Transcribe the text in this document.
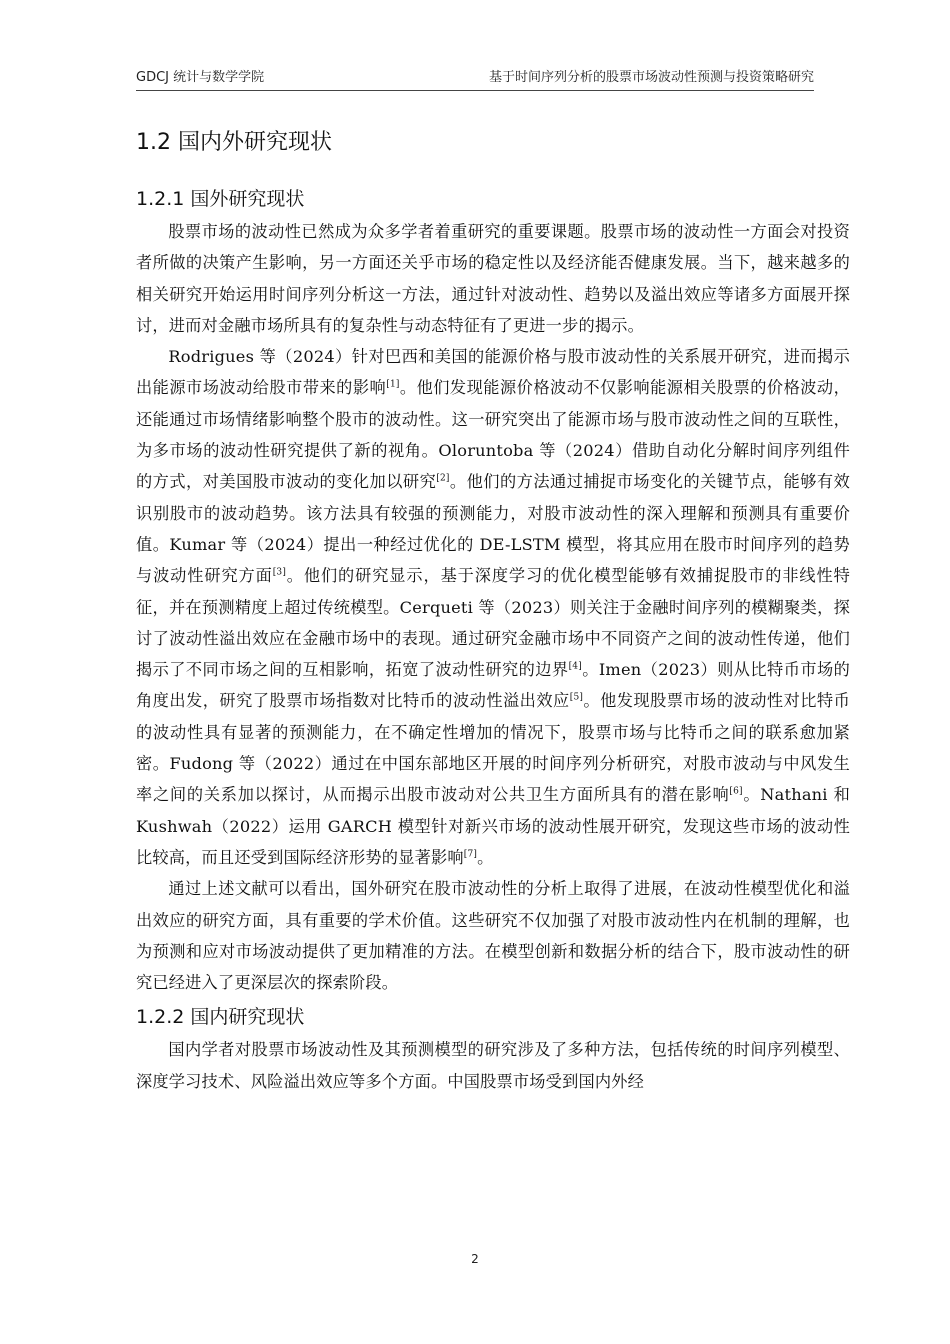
GDCJ 统计与数学学院	基于时间序列分析的股票市场波动性预测与投资策略研究
1.2 国内外研究现状
1.2.1 国外研究现状

股票市场的波动性已然成为众多学者着重研究的重要课题。股票市场的波动性一方面会对投资者所做的决策产生影响，另一方面还关乎市场的稳定性以及经济能否健康发展。当下，越来越多的相关研究开始运用时间序列分析这一方法，通过针对波动性、趋势以及溢出效应等诸多方面展开探讨，进而对金融市场所具有的复杂性与动态特征有了更进一步的揭示。

Rodrigues 等（2024）针对巴西和美国的能源价格与股市波动性的关系展开研究，进而揭示出能源市场波动给股市带来的影响[1]。他们发现能源价格波动不仅影响能源相关股票的价格波动，还能通过市场情绪影响整个股市的波动性。这一研究突出了能源市场与股市波动性之间的互联性，为多市场的波动性研究提供了新的视角。Oloruntoba 等（2024）借助自动化分解时间序列组件的方式，对美国股市波动的变化加以研究[2]。他们的方法通过捕捉市场变化的关键节点，能够有效识别股市的波动趋势。该方法具有较强的预测能力，对股市波动性的深入理解和预测具有重要价值。Kumar 等（2024）提出一种经过优化的 DE-LSTM 模型，将其应用在股市时间序列的趋势与波动性研究方面[3]。他们的研究显示，基于深度学习的优化模型能够有效捕捉股市的非线性特征，并在预测精度上超过传统模型。Cerqueti 等（2023）则关注于金融时间序列的模糊聚类，探讨了波动性溢出效应在金融市场中的表现。通过研究金融市场中不同资产之间的波动性传递，他们揭示了不同市场之间的互相影响，拓宽了波动性研究的边界[4]。Imen（2023）则从比特币市场的角度出发，研究了股票市场指数对比特币的波动性溢出效应[5]。他发现股票市场的波动性对比特币的波动性具有显著的预测能力，在不确定性增加的情况下，股票市场与比特币之间的联系愈加紧密。Fudong 等（2022）通过在中国东部地区开展的时间序列分析研究，对股市波动与中风发生率之间的关系加以探讨，从而揭示出股市波动对公共卫生方面所具有的潜在影响[6]。Nathani 和 Kushwah（2022）运用 GARCH 模型针对新兴市场的波动性展开研究，发现这些市场的波动性比较高，而且还受到国际经济形势的显著影响[7]。

通过上述文献可以看出，国外研究在股市波动性的分析上取得了进展，在波动性模型优化和溢出效应的研究方面，具有重要的学术价值。这些研究不仅加强了对股市波动性内在机制的理解，也为预测和应对市场波动提供了更加精准的方法。在模型创新和数据分析的结合下，股市波动性的研究已经进入了更深层次的探索阶段。

1.2.2 国内研究现状

国内学者对股票市场波动性及其预测模型的研究涉及了多种方法，包括传统的时间序列模型、深度学习技术、风险溢出效应等多个方面。中国股票市场受到国内外经

2
